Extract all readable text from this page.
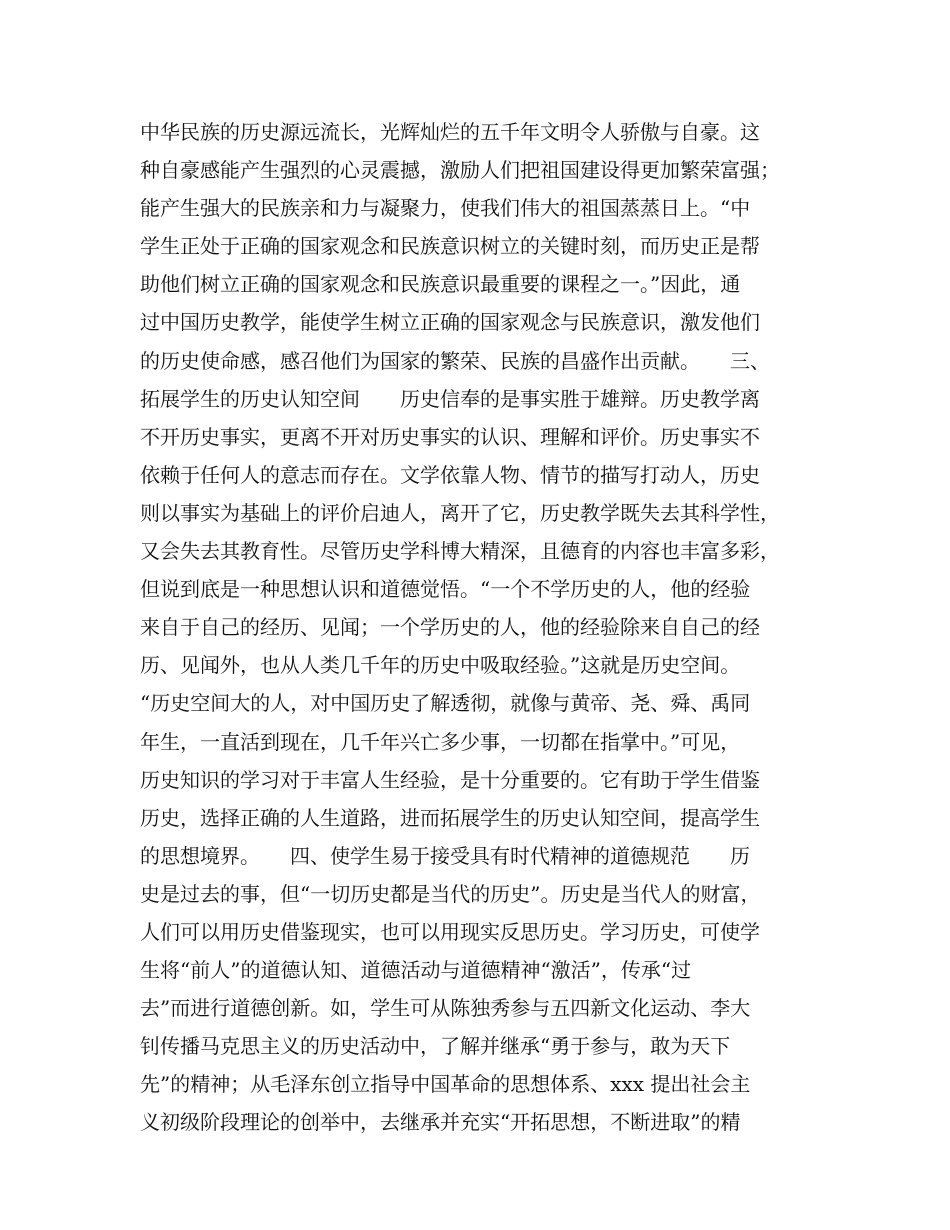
中华民族的历史源远流长，光辉灿烂的五千年文明令人骄傲与自豪。这
种自豪感能产生强烈的心灵震撼，激励人们把祖国建设得更加繁荣富强；
能产生强大的民族亲和力与凝聚力，使我们伟大的祖国蒸蒸日上。“中
学生正处于正确的国家观念和民族意识树立的关键时刻，而历史正是帮
助他们树立正确的国家观念和民族意识最重要的课程之一。”因此，通
过中国历史教学，能使学生树立正确的国家观念与民族意识，激发他们
的历史使命感，感召他们为国家的繁荣、民族的昌盛作出贡献。　　三、
拓展学生的历史认知空间　　历史信奉的是事实胜于雄辩。历史教学离
不开历史事实，更离不开对历史事实的认识、理解和评价。历史事实不
依赖于任何人的意志而存在。文学依靠人物、情节的描写打动人，历史
则以事实为基础上的评价启迪人，离开了它，历史教学既失去其科学性，
又会失去其教育性。尽管历史学科博大精深，且德育的内容也丰富多彩，
但说到底是一种思想认识和道德觉悟。“一个不学历史的人，他的经验
来自于自己的经历、见闻；一个学历史的人，他的经验除来自自己的经
历、见闻外，也从人类几千年的历史中吸取经验。”这就是历史空间。
“历史空间大的人，对中国历史了解透彻，就像与黄帝、尧、舜、禹同
年生，一直活到现在，几千年兴亡多少事，一切都在指掌中。”可见，
历史知识的学习对于丰富人生经验，是十分重要的。它有助于学生借鉴
历史，选择正确的人生道路，进而拓展学生的历史认知空间，提高学生
的思想境界。　　四、使学生易于接受具有时代精神的道德规范　　历
史是过去的事，但“一切历史都是当代的历史”。历史是当代人的财富，
人们可以用历史借鉴现实，也可以用现实反思历史。学习历史，可使学
生将“前人”的道德认知、道德活动与道德精神“激活”，传承“过
去”而进行道德创新。如，学生可从陈独秀参与五四新文化运动、李大
钊传播马克思主义的历史活动中，了解并继承“勇于参与，敢为天下
先”的精神；从毛泽东创立指导中国革命的思想体系、xxx 提出社会主
义初级阶段理论的创举中，去继承并充实“开拓思想，不断进取”的精
